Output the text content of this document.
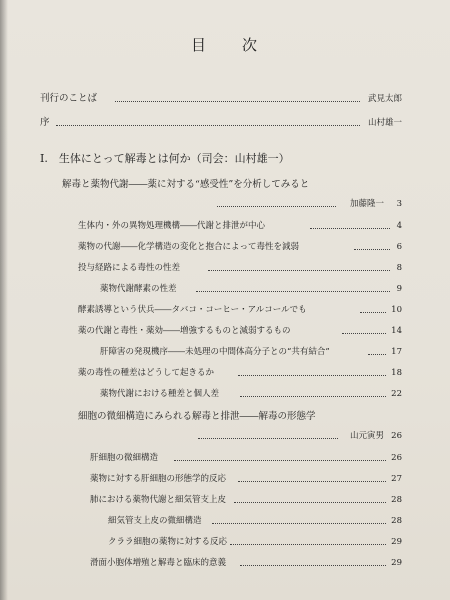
目　　次
刊行のことば	武見太郎
序	山村雄一
I.　生体にとって解毒とは何か（司会：山村雄一）
解毒と薬物代謝――薬に対する“感受性”を分析してみると
加藤隆一 3
生体内・外の異物処理機構――代謝と排泄が中心	4
薬物の代謝――化学構造の変化と抱合によって毒性を減弱	6
投与経路による毒性の性差	8
薬物代謝酵素の性差	9
酵素誘導という伏兵――タバコ・コーヒー・アルコールでも	10
薬の代謝と毒性・薬効――増強するものと減弱するもの	14
肝障害の発現機序――未処理の中間体高分子との“共有結合”	17
薬の毒性の種差はどうして起きるか	18
薬物代謝における種差と個人差	22
細胞の微細構造にみられる解毒と排泄――解毒の形態学
山元寅男 26
肝細胞の微細構造	26
薬物に対する肝細胞の形態学的反応	27
肺における薬物代謝と細気管支上皮	28
細気管支上皮の微細構造	28
クララ細胞の薬物に対する反応	29
滑面小胞体増殖と解毒と臨床的意義	29
